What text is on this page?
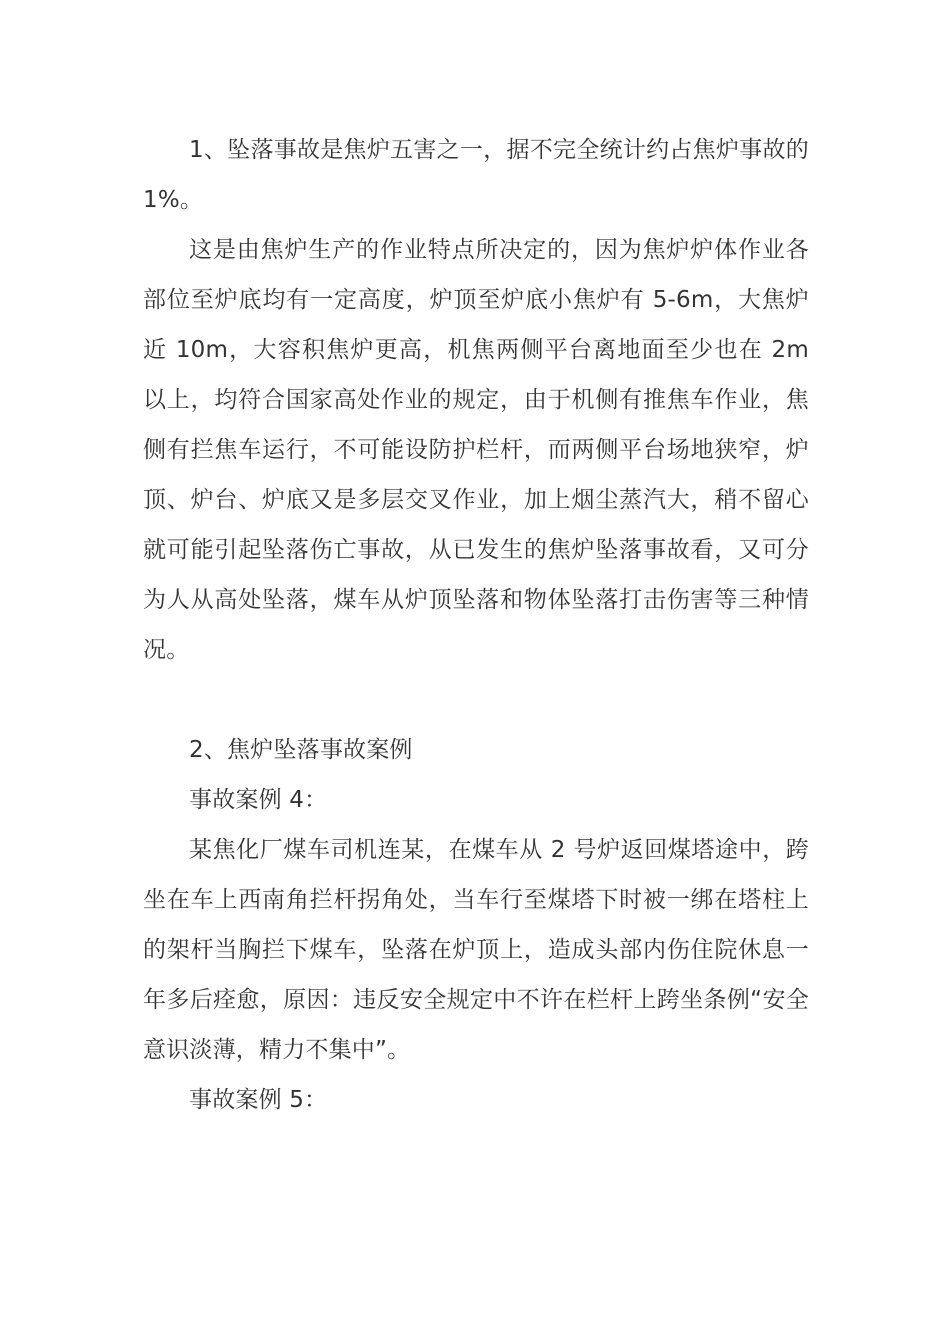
1、坠落事故是焦炉五害之一，据不完全统计约占焦炉事故的1%。

这是由焦炉生产的作业特点所决定的，因为焦炉炉体作业各部位至炉底均有一定高度，炉顶至炉底小焦炉有 5-6m，大焦炉近 10m，大容积焦炉更高，机焦两侧平台离地面至少也在 2m 以上，均符合国家高处作业的规定，由于机侧有推焦车作业，焦侧有拦焦车运行，不可能设防护栏杆，而两侧平台场地狭窄，炉顶、炉台、炉底又是多层交叉作业，加上烟尘蒸汽大，稍不留心就可能引起坠落伤亡事故，从已发生的焦炉坠落事故看，又可分为人从高处坠落，煤车从炉顶坠落和物体坠落打击伤害等三种情况。

2、焦炉坠落事故案例

事故案例 4：

某焦化厂煤车司机连某，在煤车从 2 号炉返回煤塔途中，跨坐在车上西南角拦杆拐角处，当车行至煤塔下时被一绑在塔柱上的架杆当胸拦下煤车，坠落在炉顶上，造成头部内伤住院休息一年多后痊愈，原因：违反安全规定中不许在栏杆上跨坐条例“安全意识淡薄，精力不集中”。

事故案例 5：
